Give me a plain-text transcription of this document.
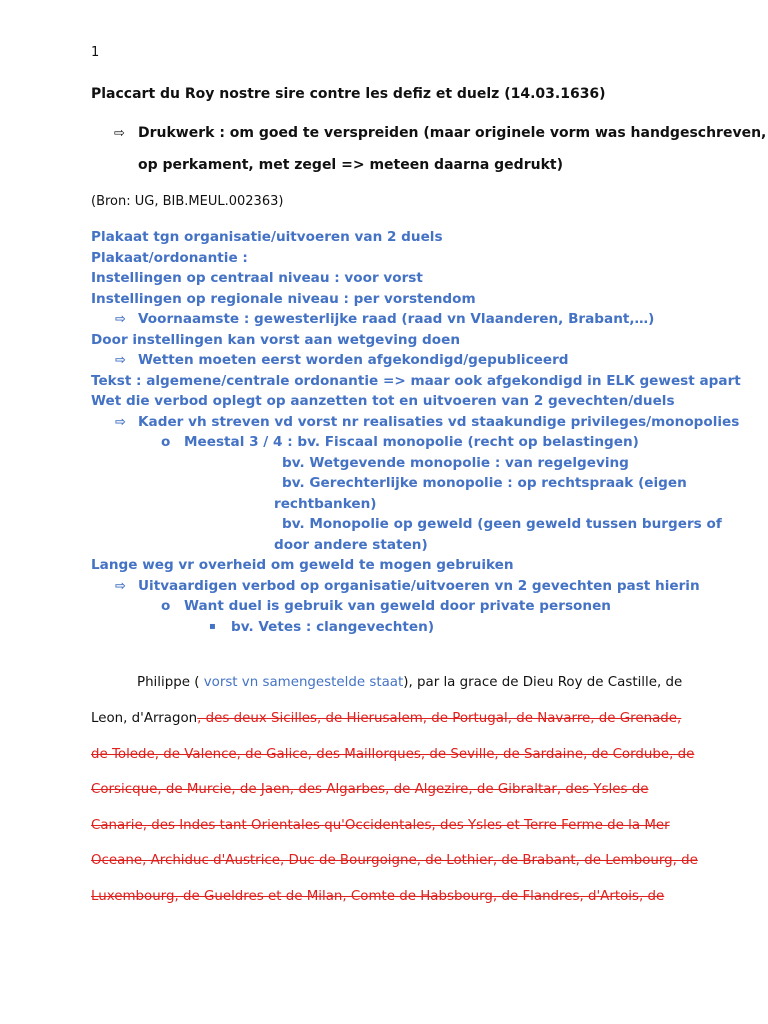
1
Placcart du Roy nostre sire contre les defiz et duelz (14.03.1636)
⇨ Drukwerk : om goed te verspreiden (maar originele vorm was handgeschreven,
op perkament, met zegel => meteen daarna gedrukt)
(Bron: UG, BIB.MEUL.002363)
Plakaat tgn organisatie/uitvoeren van 2 duels
Plakaat/ordonantie :
Instellingen op centraal niveau : voor vorst
Instellingen op regionale niveau : per vorstendom
⇨ Voornaamste : gewesterlijke raad (raad vn Vlaanderen, Brabant,…)
Door instellingen kan vorst aan wetgeving doen
⇨ Wetten moeten eerst worden afgekondigd/gepubliceerd
Tekst : algemene/centrale ordonantie => maar ook afgekondigd in ELK gewest apart
Wet die verbod oplegt op aanzetten tot en uitvoeren van 2 gevechten/duels
⇨ Kader vh streven vd vorst nr realisaties vd staakundige privileges/monopolies
o Meestal 3 / 4 : bv. Fiscaal monopolie (recht op belastingen)
bv. Wetgevende monopolie : van regelgeving
bv. Gerechterlijke monopolie : op rechtspraak (eigen
rechtbanken)
bv. Monopolie op geweld (geen geweld tussen burgers of
door andere staten)
Lange weg vr overheid om geweld te mogen gebruiken
⇨ Uitvaardigen verbod op organisatie/uitvoeren vn 2 gevechten past hierin
o Want duel is gebruik van geweld door private personen
▪ bv. Vetes : clangevechten)
Philippe ( vorst vn samengestelde staat), par la grace de Dieu Roy de Castille, de
Leon, d'Arragon, des deux Sicilles, de Hierusalem, de Portugal, de Navarre, de Grenade,
de Tolede, de Valence, de Galice, des Maillorques, de Seville, de Sardaine, de Cordube, de
Corsicque, de Murcie, de Jaen, des Algarbes, de Algezire, de Gibraltar, des Ysles de
Canarie, des Indes tant Orientales qu'Occidentales, des Ysles et Terre Ferme de la Mer
Oceane, Archiduc d'Austrice, Duc de Bourgoigne, de Lothier, de Brabant, de Lembourg, de
Luxembourg, de Gueldres et de Milan, Comte de Habsbourg, de Flandres, d'Artois, de
